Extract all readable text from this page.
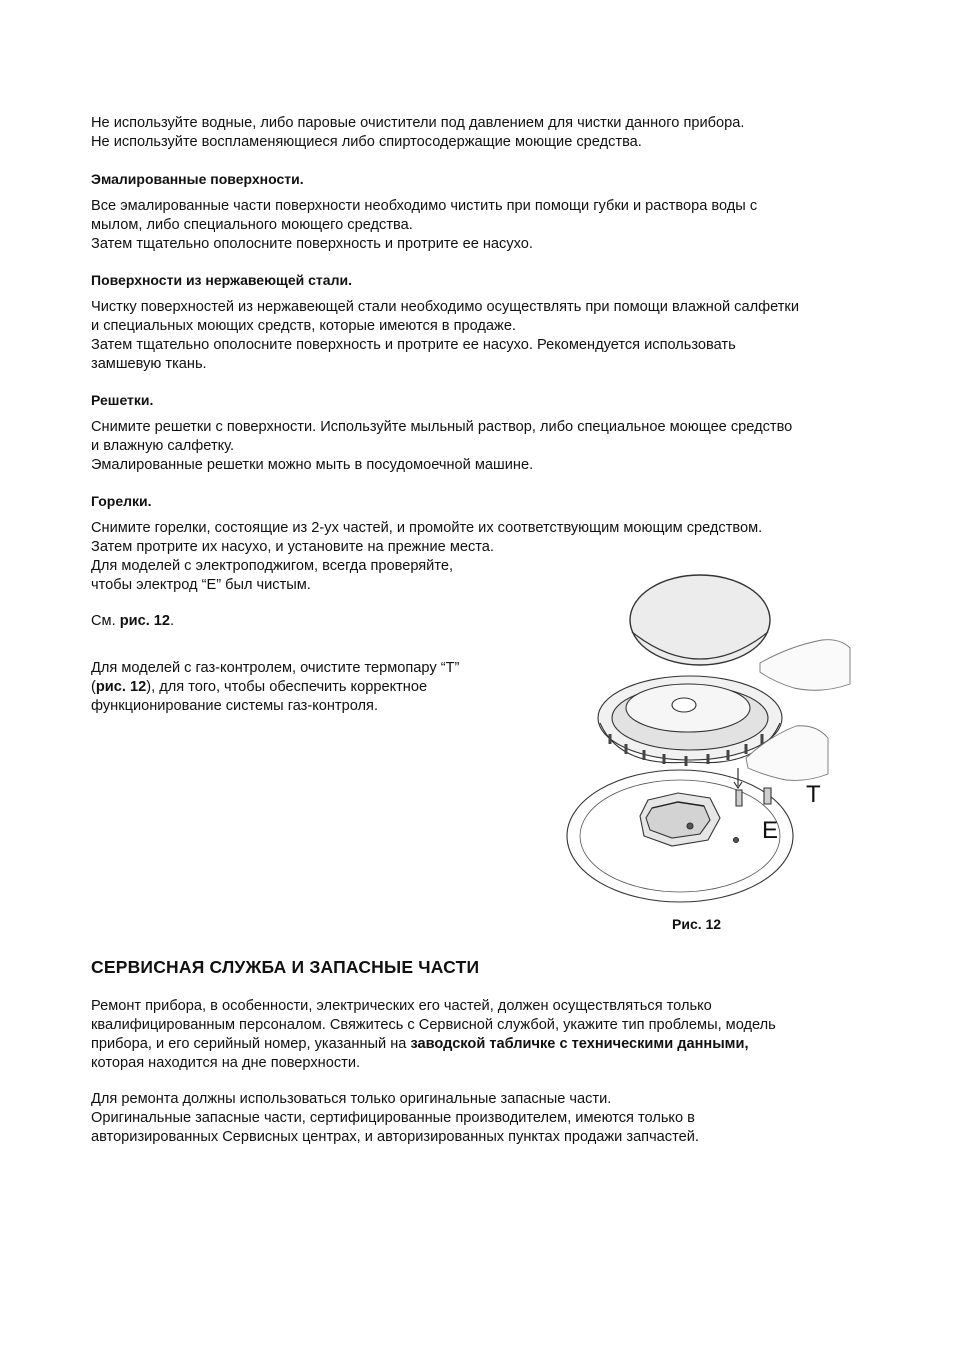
Не используйте водные, либо паровые очистители под давлением для чистки данного прибора.

Не используйте воспламеняющиеся либо спиртосодержащие моющие средства.

Эмалированные поверхности.

Все эмалированные части поверхности необходимо чистить при помощи губки и раствора воды с

мылом, либо специального моющего средства.

Затем тщательно ополосните поверхность и протрите ее насухо.

Поверхности из нержавеющей стали.

Чистку поверхностей из нержавеющей стали необходимо осуществлять при помощи влажной салфетки

и специальных моющих средств, которые имеются в продаже.

Затем тщательно ополосните поверхность и протрите ее насухо. Рекомендуется использовать

замшевую ткань.

Решетки.

Снимите решетки с поверхности. Используйте мыльный раствор, либо специальное моющее средство

и влажную салфетку.

Эмалированные решетки можно мыть в посудомоечной машине.

Горелки.

Снимите горелки, состоящие из 2-ух частей, и промойте их соответствующим моющим средством.

Затем протрите их насухо, и установите на прежние места.

Для моделей с электроподжигом, всегда проверяйте,

чтобы электрод “E” был чистым.

См. рис. 12.

Для моделей с газ-контролем, очистите термопару “T”

(рис. 12), для того, чтобы обеспечить корректное

функционирование системы газ-контроля.

T
E
Рис. 12

СЕРВИСНАЯ СЛУЖБА И ЗАПАСНЫЕ ЧАСТИ

Ремонт прибора, в особенности, электрических его частей, должен осуществляться только

квалифицированным персоналом. Свяжитесь с Сервисной службой, укажите тип проблемы, модель

прибора, и его серийный номер, указанный на заводской табличке с техническими данными,

которая находится на дне поверхности.

Для ремонта должны использоваться только оригинальные запасные части.

Оригинальные запасные части, сертифицированные производителем, имеются только в

авторизированных Сервисных центрах, и авторизированных пунктах продажи запчастей.
